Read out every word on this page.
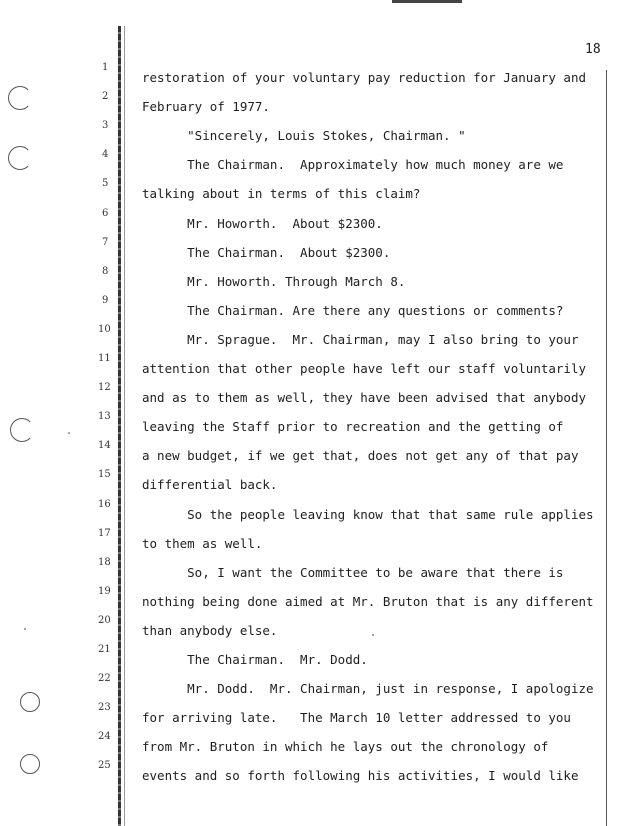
18
1
2
3
4
5
6
7
8
9
10
11
12
13
14
15
16
17
18
19
20
21
22
23
24
25
restoration of your voluntary pay reduction for January and
February of 1977.
"Sincerely, Louis Stokes, Chairman. "
The Chairman.  Approximately how much money are we
talking about in terms of this claim?
Mr. Howorth.  About $2300.
The Chairman.  About $2300.
Mr. Howorth. Through March 8.
The Chairman. Are there any questions or comments?
Mr. Sprague.  Mr. Chairman, may I also bring to your
attention that other people have left our staff voluntarily
and as to them as well, they have been advised that anybody
leaving the Staff prior to recreation and the getting of
a new budget, if we get that, does not get any of that pay
differential back.
So the people leaving know that that same rule applies
to them as well.
So, I want the Committee to be aware that there is
nothing being done aimed at Mr. Bruton that is any different
than anybody else.
The Chairman.  Mr. Dodd.
Mr. Dodd.  Mr. Chairman, just in response, I apologize
for arriving late.   The March 10 letter addressed to you
from Mr. Bruton in which he lays out the chronology of
events and so forth following his activities, I would like
